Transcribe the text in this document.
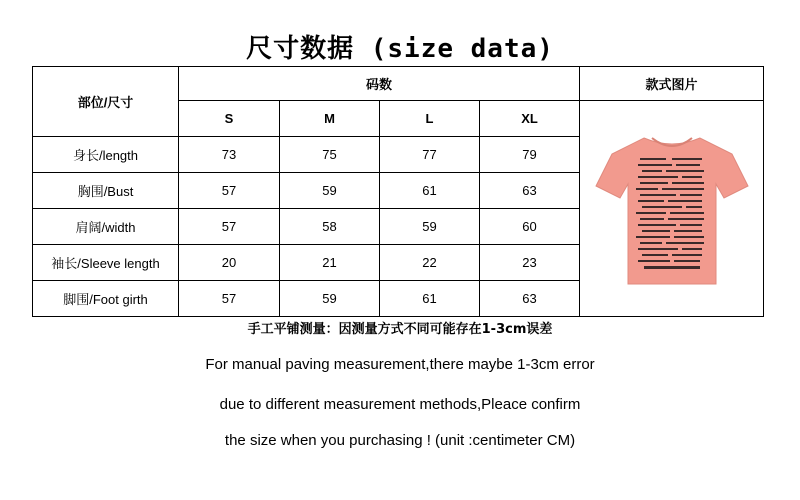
尺寸数据 (size data)
部位/尺寸	码数				款式图片
	S	M	L	XL	

身长/length	73	75	77	79	
胸围/Bust	57	59	61	63	
肩阔/width	57	58	59	60	
袖长/Sleeve length	20	21	22	23	
脚围/Foot girth	57	59	61	63	
手工平铺测量：因测量方式不同可能存在1-3cm误差
For manual paving measurement,there maybe 1-3cm error
due to different measurement methods,Pleace confirm
the size when you purchasing ! (unit :centimeter CM)
